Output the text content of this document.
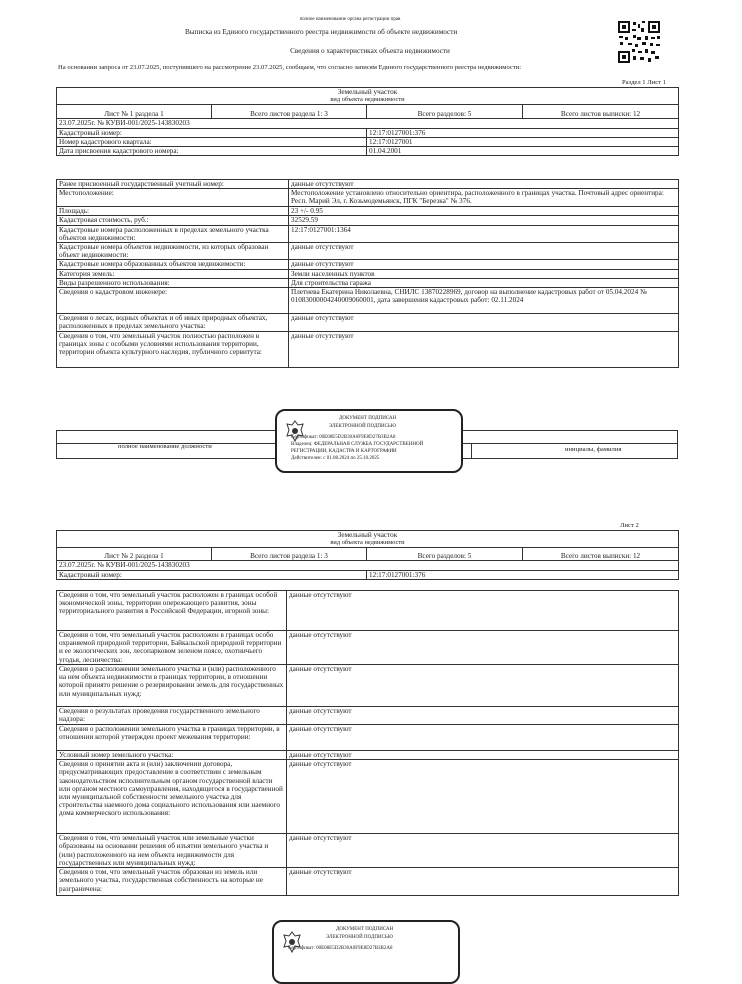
полное наименование органа регистрации прав
Выписка из Единого государственного реестра недвижимости об объекте недвижимости
Сведения о характеристиках объекта недвижимости
На основании запроса от 23.07.2025, поступившего на рассмотрение 23.07.2025, сообщаем, что согласно записям Единого государственного реестра недвижимости:
Раздел 1 Лист 1
Земельный участок			
вид объекта недвижимости			
Лист № 1 раздела 1	Всего листов раздела 1: 3	Всего разделов: 5	Всего листов выписки: 12
23.07.2025г. № КУВИ-001/2025-143830203			
Кадастровый номер:		12:17:0127001:376	
Номер кадастрового квартала:		12:17:0127001	
Дата присвоения кадастрового номера:		01.04.2001	
Ранее присвоенный государственный учетный номер:	данные отсутствуют
Местоположение:	Местоположение установлено относительно ориентира, расположенного в границах участка. Почтовый адрес ориентира: Респ. Марий Эл, г. Козьмодемьянск, ПГК "Березка" № 376.
Площадь:	23 +/- 0.95
Кадастровая стоимость, руб.:	32529.59
Кадастровые номера расположенных в пределах земельного участка объектов недвижимости:	12:17:0127001:1364
Кадастровые номера объектов недвижимости, из которых образован объект недвижимости:	данные отсутствуют
Кадастровые номера образованных объектов недвижимости:	данные отсутствуют
Категория земель:	Земли населенных пунктов
Виды разрешенного использования:	Для строительства гаража
Сведения о кадастровом инженере:	Плетнева Екатерина Николаевна, СНИЛС 13870228969, договор на выполнение кадастровых работ от 05.04.2024 № 01083000004240009060001, дата завершения кадастровых работ: 02.11.2024
Сведения о лесах, водных объектах и об иных природных объектах, расположенных в пределах земельного участка:	данные отсутствуют
Сведения о том, что земельный участок полностью расположен в границах зоны с особыми условиями использования территории, территории объекта культурного наследия, публичного сервитута:	данные отсутствуют
полное наименование должности	инициалы, фамилия
ДОКУМЕНТ ПОДПИСАН
ЭЛЕКТРОННОЙ ПОДПИСЬЮ
Сертификат: 00E08E5D2B30A0F9E8D27B3B2A8
Владелец: ФЕДЕРАЛЬНАЯ СЛУЖБА ГОСУДАРСТВЕННОЙ
РЕГИСТРАЦИИ, КАДАСТРА И КАРТОГРАФИИ
Действителен: с 01.08.2024 по 25.10.2025
Лист 2
Земельный участок			
вид объекта недвижимости			
Лист № 2 раздела 1	Всего листов раздела 1: 3	Всего разделов: 5	Всего листов выписки: 12
23.07.2025г. № КУВИ-001/2025-143830203			
Кадастровый номер:		12:17:0127001:376	
Сведения о том, что земельный участок расположен в границах особой экономической зоны, территории опережающего развития, зоны территориального развития в Российской Федерации, игорной зоны:	данные отсутствуют
Сведения о том, что земельный участок расположен в границах особо охраняемой природной территории, Байкальской природной территории и ее экологических зон, лесопарковом зеленом поясе, охотничьего угодья, лесничества:	данные отсутствуют
Сведения о расположении земельного участка и (или) расположенного на нем объекта недвижимости в границах территории, в отношении которой принято решение о резервировании земель для государственных или муниципальных нужд:	данные отсутствуют
Сведения о результатах проведения государственного земельного надзора:	данные отсутствуют
Сведения о расположении земельного участка в границах территории, в отношении которой утвержден проект межевания территории:	данные отсутствуют
Условный номер земельного участка:	данные отсутствуют
Сведения о принятии акта и (или) заключении договора, предусматривающих предоставление в соответствии с земельным законодательством исполнительным органом государственной власти или органом местного самоуправления, находящегося в государственной или муниципальной собственности земельного участка для строительства наемного дома социального использования или наемного дома коммерческого использования:	данные отсутствуют
Сведения о том, что земельный участок или земельные участки образованы на основании решения об изъятии земельного участка и (или) расположенного на нем объекта недвижимости для государственных или муниципальных нужд:	данные отсутствуют
Сведения о том, что земельный участок образован из земель или земельного участка, государственная собственность на которые не разграничена:	данные отсутствуют
ДОКУМЕНТ ПОДПИСАН
ЭЛЕКТРОННОЙ ПОДПИСЬЮ
Сертификат: 00E08E5D2B30A0F9E8D27B3B2A8
